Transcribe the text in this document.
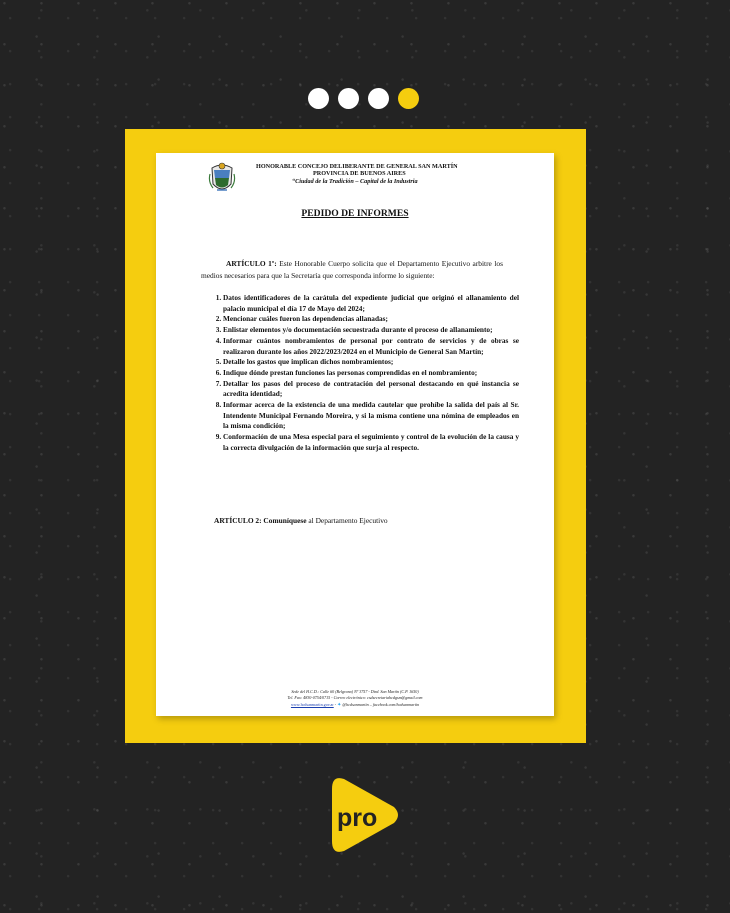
HONORABLE CONCEJO DELIBERANTE DE GENERAL SAN MARTÍN
PROVINCIA DE BUENOS AIRES
“Ciudad de la Tradición – Capital de la Industria
PEDIDO DE INFORMES

ARTÍCULO 1º: Este Honorable Cuerpo solicita que el Departamento Ejecutivo arbitre los medios necesarios para que la Secretaría que corresponda informe lo siguiente:

1. Datos identificadores de la carátula del expediente judicial que originó el allanamiento del palacio municipal el día 17 de Mayo del 2024;
2. Mencionar cuáles fueron las dependencias allanadas;
3. Enlistar elementos y/o documentación secuestrada durante el proceso de allanamiento;
4. Informar cuántos nombramientos de personal por contrato de servicios y de obras se realizaron durante los años 2022/2023/2024 en el Municipio de General San Martín;
5. Detalle los gastos que implican dichos nombramientos;
6. Indique dónde prestan funciones las personas comprendidas en el nombramiento;
7. Detallar los pasos del proceso de contratación del personal destacando en qué instancia se acredita identidad;
8. Informar acerca de la existencia de una medida cautelar que prohíbe la salida del país al Sr. Intendente Municipal Fernando Moreira, y si la misma contiene una nómina de empleados en la misma condición;
9. Conformación de una Mesa especial para el seguimiento y control de la evolución de la causa y la correcta divulgación de la información que surja al respecto.

ARTÍCULO 2: Comuníquese al Departamento Ejecutivo

Sede del H.C.D.: Calle 60 (Belgrano) Nº 3757 - Dtrd. San Martín (C.P. 1650)
Tel. Fax: 4830-0754/0715 - Correo electrónico: csdsecretariahcdgsm@gmail.com
www.hcdsanmartin.gov.ar - ✦ @hcdsanmartin – facebook.com/hcdsanmartin
pro
